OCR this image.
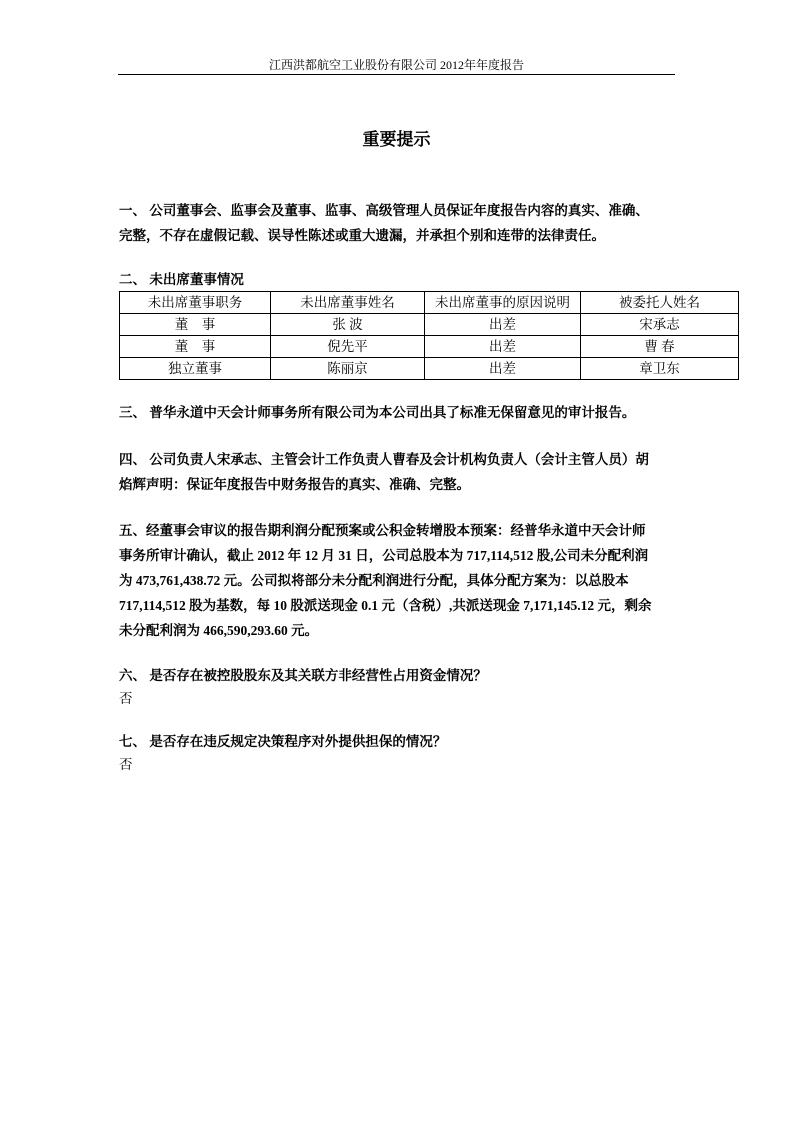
江西洪都航空工业股份有限公司 2012年年度报告
重要提示
一、 公司董事会、监事会及董事、监事、高级管理人员保证年度报告内容的真实、准确、
完整，不存在虚假记载、误导性陈述或重大遗漏，并承担个别和连带的法律责任。
二、 未出席董事情况
未出席董事职务	未出席董事姓名	未出席董事的原因说明	被委托人姓名
董　事	张 波	出差	宋承志
董　事	倪先平	出差	曹 春
独立董事	陈丽京	出差	章卫东
三、 普华永道中天会计师事务所有限公司为本公司出具了标准无保留意见的审计报告。
四、 公司负责人宋承志、主管会计工作负责人曹春及会计机构负责人（会计主管人员）胡
焰辉声明：保证年度报告中财务报告的真实、准确、完整。
五、经董事会审议的报告期利润分配预案或公积金转增股本预案：经普华永道中天会计师
事务所审计确认，截止 2012 年 12 月 31 日，公司总股本为 717,114,512 股,公司未分配利润
为 473,761,438.72 元。公司拟将部分未分配利润进行分配，具体分配方案为：以总股本
717,114,512 股为基数，每 10 股派送现金 0.1 元（含税）,共派送现金 7,171,145.12 元，剩余
未分配利润为 466,590,293.60 元。
六、 是否存在被控股股东及其关联方非经营性占用资金情况？
否
七、 是否存在违反规定决策程序对外提供担保的情况？
否
